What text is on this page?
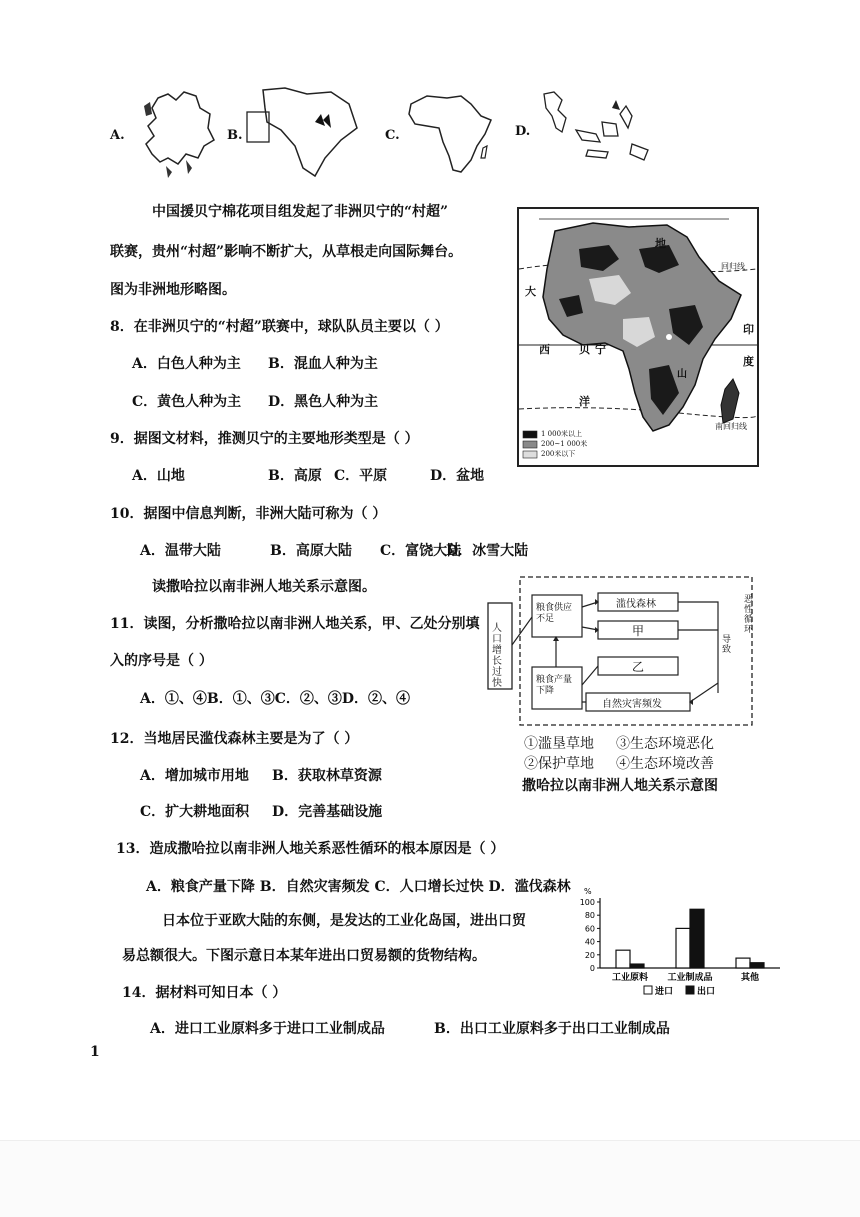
A.	B.	C.	D.
中国援贝宁棉花项目组发起了非洲贝宁的“村超”
联赛，贵州“村超”影响不断扩大，从草根走向国际舞台。
图为非洲地形略图。
8．在非洲贝宁的“村超”联赛中，球队队员主要以（ ）
A．白色人种为主 B．混血人种为主
C．黄色人种为主 D．黑色人种为主
9．据图文材料，推测贝宁的主要地形类型是（ ）
A．山地	B．高原 C．平原	D．盆地
10．据图中信息判断，非洲大陆可称为（ ）
A．温带大陆	B．高原大陆 C．富饶大陆
D．冰雪大陆
大
西	贝 宁
洋
地
印
度
山
回归线
南回归线
1 000米以上
200~1 000米
200米以下
读撒哈拉以南非洲人地关系示意图。
11．读图，分析撒哈拉以南非洲人地关系，甲、乙处分别填
入的序号是（ ）
A．①、④B．①、③C．②、③D．②、④
人口增长过快
粮食供应不足
滥伐森林
甲
乙
粮食产量下降
自然灾害频发
恶性循环
导致
①滥垦草地 ③生态环境恶化
②保护草地 ④生态环境改善
撒哈拉以南非洲人地关系示意图
12．当地居民滥伐森林主要是为了（ ）
A．增加城市用地 B．获取林草资源
C．扩大耕地面积 D．完善基础设施
13．造成撒哈拉以南非洲人地关系恶性循环的根本原因是（ ）
A．粮食产量下降 B．自然灾害频发 C．人口增长过快 D．滥伐森林
日本位于亚欧大陆的东侧，是发达的工业化岛国，进出口贸
易总额很大。下图示意日本某年进出口贸易额的货物结构。
%
0
20
40
60
80
100
工业原料 工业制成品	其他
进口	出口
14．据材料可知日本（ ）
A．进口工业原料多于进口工业制成品	B．出口工业原料多于出口工业制成品
1
